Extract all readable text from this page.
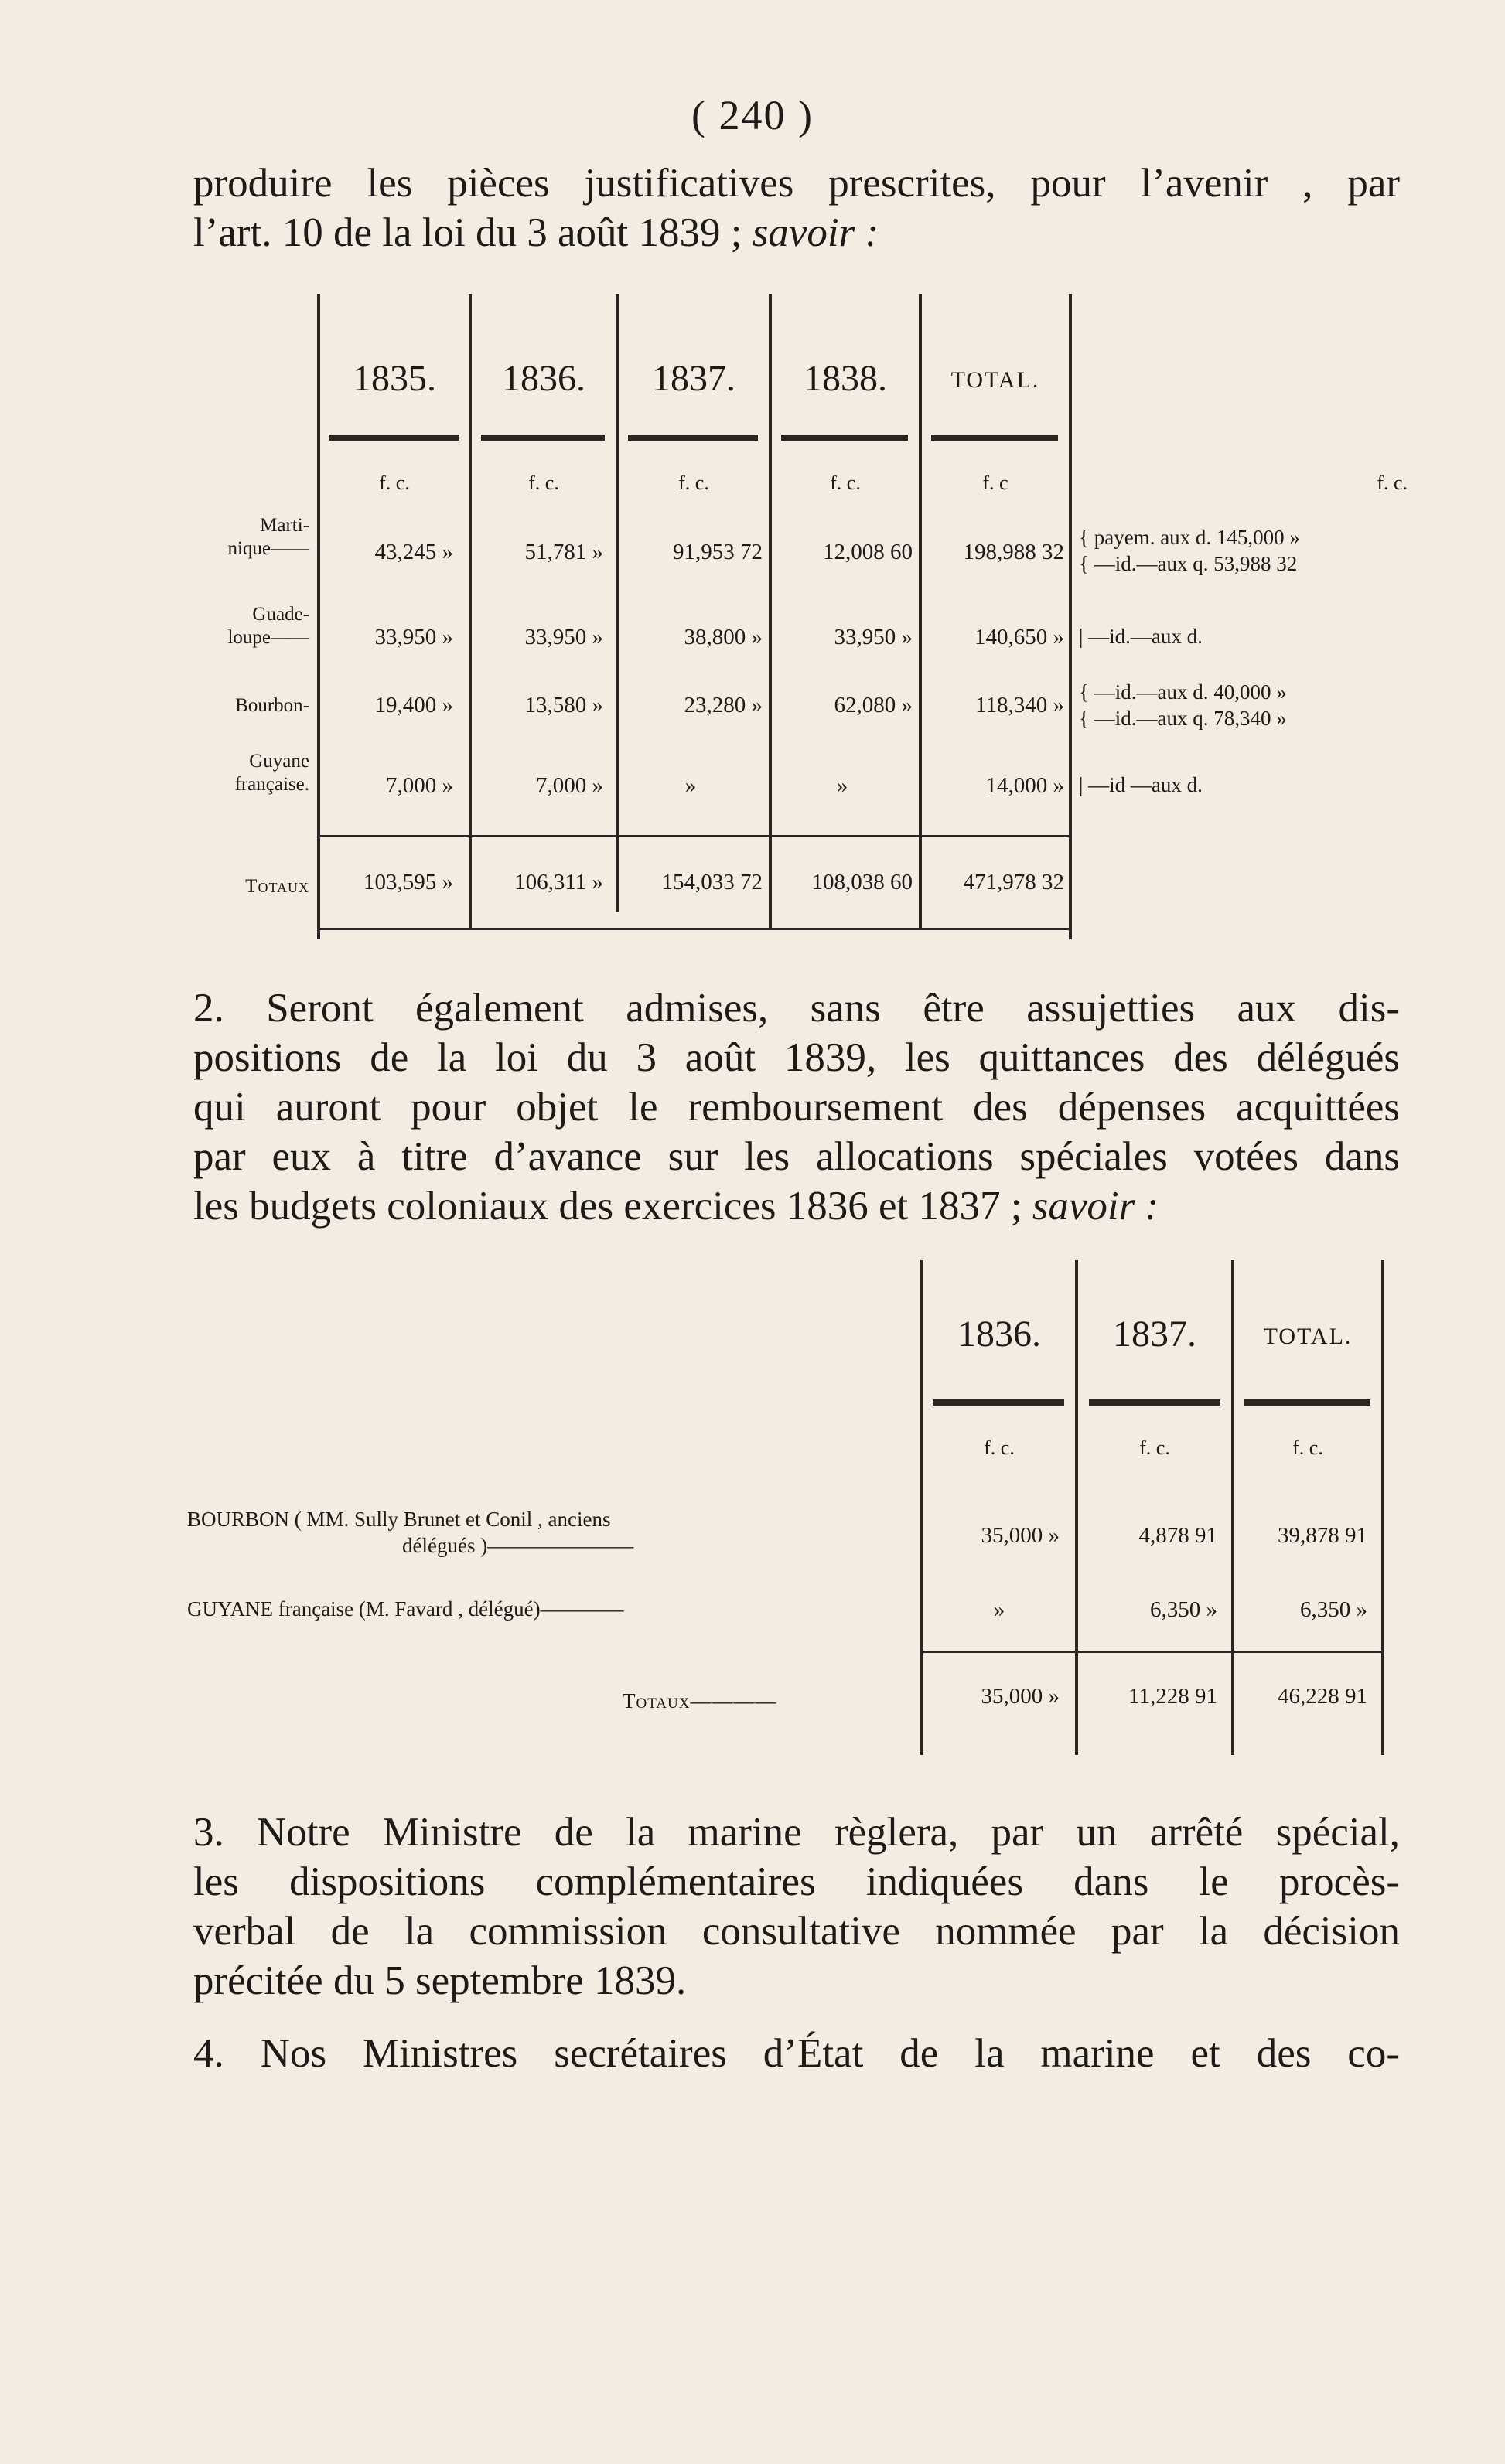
( 240 )
produire les pièces justificatives prescrites, pour l’avenir , par
l’art. 10 de la loi du 3 août 1839 ; savoir :
1835.	1836.	1837.	1838.	TOTAL.
f. c.	f. c.	f. c.	f. c.	f. c	f. c.
Marti-
nique——	43,245 »	51,781 »	91,953 72	12,008 60	198,988 32
{ payem. aux d. 145,000 »
{ —id.—aux q. 53,988 32
Guade-
loupe——	33,950 »	33,950 »	38,800 »	33,950 »	140,650 » | —id.—aux d.
Bourbon-	19,400 »	13,580 »	23,280 »	62,080 »	118,340 »
{ —id.—aux d. 40,000 »
{ —id.—aux q. 78,340 »
Guyane
française.	7,000 »	7,000 »	»	»	14,000 » | —id —aux d.
Totaux	103,595 »	106,311 »	154,033 72	108,038 60	471,978 32
2. Seront également admises, sans être assujetties aux dis-
positions de la loi du 3 août 1839, les quittances des délégués
qui auront pour objet le remboursement des dépenses acquittées
par eux à titre d’avance sur les allocations spéciales votées dans
les budgets coloniaux des exercices 1836 et 1837 ; savoir :
1836.	1837.	TOTAL.
f. c.	f. c.	f. c.
BOURBON ( MM. Sully Brunet et Conil , anciens
délégués )———————	35,000 »	4,878 91	39,878 91
GUYANE française (M. Favard , délégué)————	»	6,350 »	6,350 »
Totaux————	35,000 »	11,228 91	46,228 91
3. Notre Ministre de la marine règlera, par un arrêté spécial,
les dispositions complémentaires indiquées dans le procès-
verbal de la commission consultative nommée par la décision
précitée du 5 septembre 1839.
4. Nos Ministres secrétaires d’État de la marine et des co-
